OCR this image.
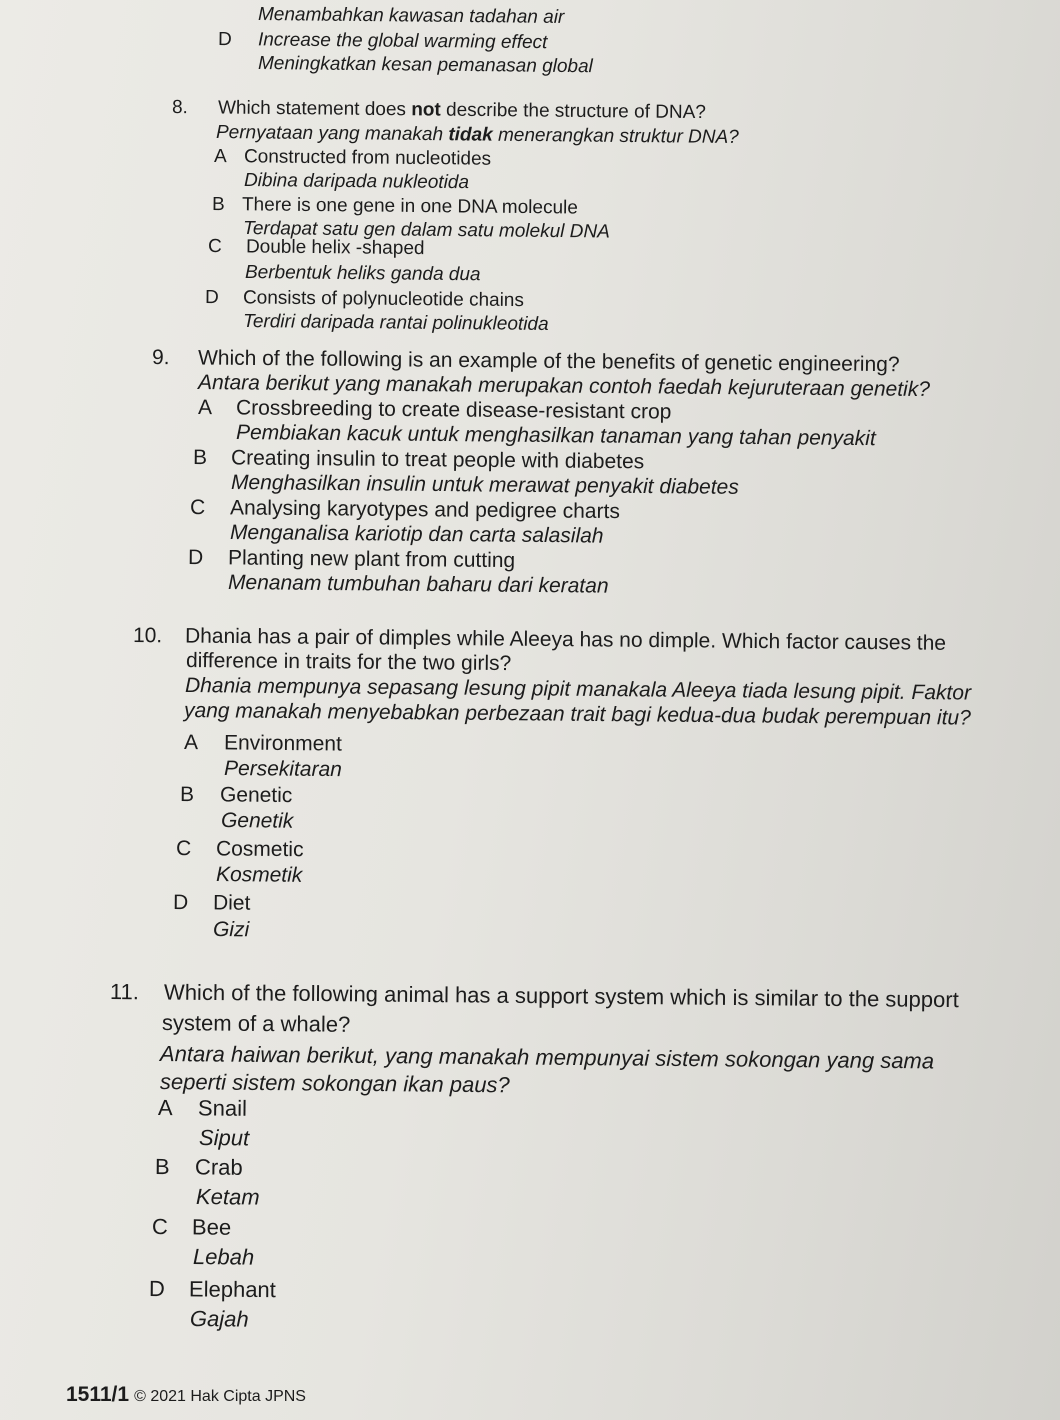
Menambahkan kawasan tadahan air
D Increase the global warming effect
Meningkatkan kesan pemanasan global
8. Which statement does not describe the structure of DNA?
Pernyataan yang manakah tidak menerangkan struktur DNA?
A Constructed from nucleotides
Dibina daripada nukleotida
B There is one gene in one DNA molecule
Terdapat satu gen dalam satu molekul DNA
C Double helix -shaped
Berbentuk heliks ganda dua
D Consists of polynucleotide chains
Terdiri daripada rantai polinukleotida
9. Which of the following is an example of the benefits of genetic engineering?
Antara berikut yang manakah merupakan contoh faedah kejuruteraan genetik?
A Crossbreeding to create disease-resistant crop
Pembiakan kacuk untuk menghasilkan tanaman yang tahan penyakit
B Creating insulin to treat people with diabetes
Menghasilkan insulin untuk merawat penyakit diabetes
C Analysing karyotypes and pedigree charts
Menganalisa kariotip dan carta salasilah
D Planting new plant from cutting
Menanam tumbuhan baharu dari keratan
10. Dhania has a pair of dimples while Aleeya has no dimple. Which factor causes the
difference in traits for the two girls?
Dhania mempunya sepasang lesung pipit manakala Aleeya tiada lesung pipit. Faktor
yang manakah menyebabkan perbezaan trait bagi kedua-dua budak perempuan itu?
A Environment
Persekitaran
B Genetic
Genetik
C Cosmetic
Kosmetik
D Diet
Gizi
11. Which of the following animal has a support system which is similar to the support
system of a whale?
Antara haiwan berikut, yang manakah mempunyai sistem sokongan yang sama
seperti sistem sokongan ikan paus?
A Snail
Siput
B Crab
Ketam
C Bee
Lebah
D Elephant
Gajah
1511/1 © 2021 Hak Cipta JPNS
